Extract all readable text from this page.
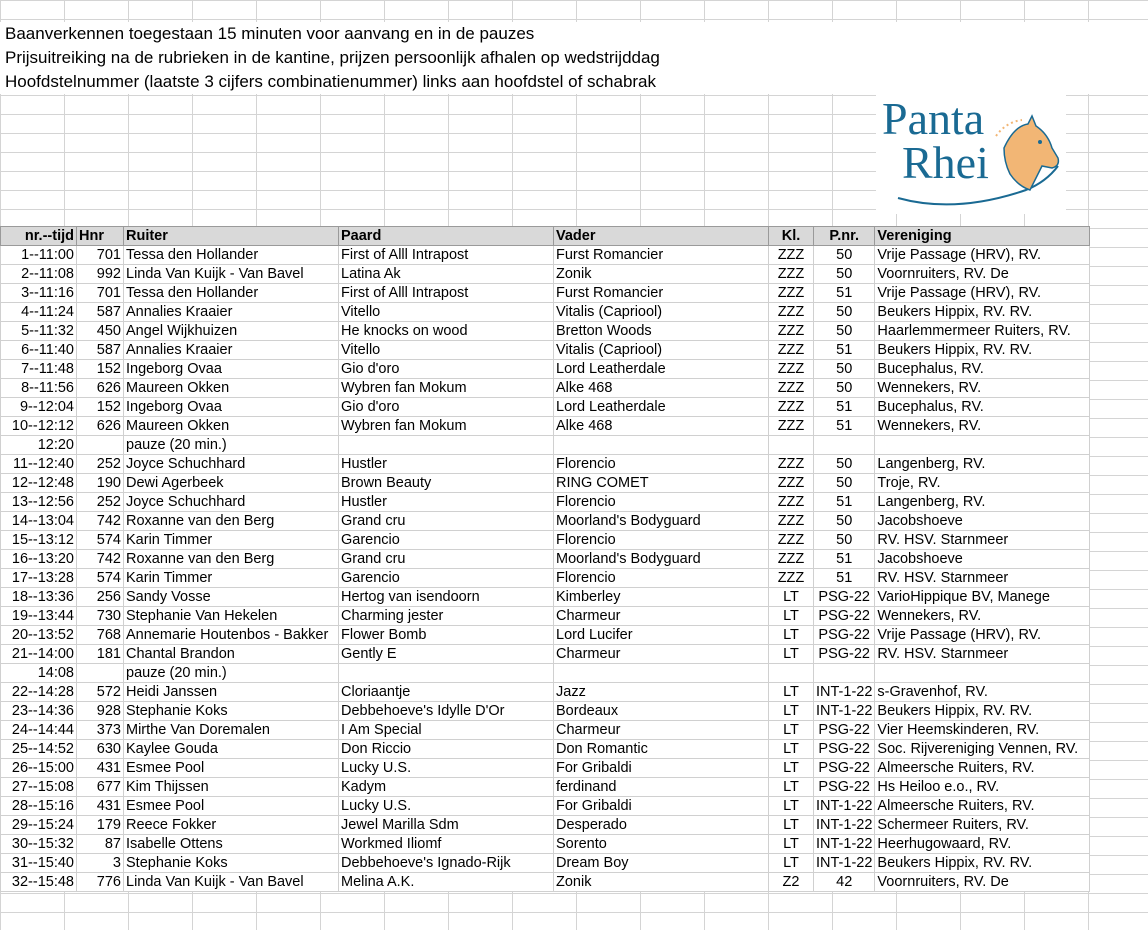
Baanverkennen toegestaan 15 minuten voor aanvang en in de pauzes
Prijsuitreiking na de rubrieken in de kantine, prijzen persoonlijk afhalen op wedstrijddag
Hoofdstelnummer (laatste 3 cijfers combinatienummer) links aan hoofdstel of schabrak
Panta
Rhei
nr.--tijd	Hnr	Ruiter	Paard	Vader	Kl.	P.nr.	Vereniging
1--11:00	701	Tessa den Hollander	First of Alll Intrapost	Furst Romancier	ZZZ	50	Vrije Passage (HRV), RV.
2--11:08	992	Linda Van Kuijk - Van Bavel	Latina Ak	Zonik	ZZZ	50	Voornruiters, RV. De
3--11:16	701	Tessa den Hollander	First of Alll Intrapost	Furst Romancier	ZZZ	51	Vrije Passage (HRV), RV.
4--11:24	587	Annalies Kraaier	Vitello	Vitalis (Capriool)	ZZZ	50	Beukers Hippix, RV. RV.
5--11:32	450	Angel Wijkhuizen	He knocks on wood	Bretton Woods	ZZZ	50	Haarlemmermeer Ruiters, RV.
6--11:40	587	Annalies Kraaier	Vitello	Vitalis (Capriool)	ZZZ	51	Beukers Hippix, RV. RV.
7--11:48	152	Ingeborg Ovaa	Gio d'oro	Lord Leatherdale	ZZZ	50	Bucephalus, RV.
8--11:56	626	Maureen Okken	Wybren fan Mokum	Alke 468	ZZZ	50	Wennekers, RV.
9--12:04	152	Ingeborg Ovaa	Gio d'oro	Lord Leatherdale	ZZZ	51	Bucephalus, RV.
10--12:12	626	Maureen Okken	Wybren fan Mokum	Alke 468	ZZZ	51	Wennekers, RV.
12:20		pauze (20 min.)					
11--12:40	252	Joyce Schuchhard	Hustler	Florencio	ZZZ	50	Langenberg, RV.
12--12:48	190	Dewi Agerbeek	Brown Beauty	RING COMET	ZZZ	50	Troje, RV.
13--12:56	252	Joyce Schuchhard	Hustler	Florencio	ZZZ	51	Langenberg, RV.
14--13:04	742	Roxanne van den Berg	Grand cru	Moorland's Bodyguard	ZZZ	50	Jacobshoeve
15--13:12	574	Karin Timmer	Garencio	Florencio	ZZZ	50	RV. HSV. Starnmeer
16--13:20	742	Roxanne van den Berg	Grand cru	Moorland's Bodyguard	ZZZ	51	Jacobshoeve
17--13:28	574	Karin Timmer	Garencio	Florencio	ZZZ	51	RV. HSV. Starnmeer
18--13:36	256	Sandy Vosse	Hertog van isendoorn	Kimberley	LT	PSG-22	VarioHippique BV, Manege
19--13:44	730	Stephanie Van Hekelen	Charming jester	Charmeur	LT	PSG-22	Wennekers, RV.
20--13:52	768	Annemarie Houtenbos - Bakker	Flower Bomb	Lord Lucifer	LT	PSG-22	Vrije Passage (HRV), RV.
21--14:00	181	Chantal Brandon	Gently E	Charmeur	LT	PSG-22	RV. HSV. Starnmeer
14:08		pauze (20 min.)					
22--14:28	572	Heidi Janssen	Cloriaantje	Jazz	LT	INT-1-22	s-Gravenhof, RV.
23--14:36	928	Stephanie Koks	Debbehoeve's Idylle D'Or	Bordeaux	LT	INT-1-22	Beukers Hippix, RV. RV.
24--14:44	373	Mirthe Van Doremalen	I Am Special	Charmeur	LT	PSG-22	Vier Heemskinderen, RV.
25--14:52	630	Kaylee Gouda	Don Riccio	Don Romantic	LT	PSG-22	Soc. Rijvereniging Vennen, RV.
26--15:00	431	Esmee Pool	Lucky U.S.	For Gribaldi	LT	PSG-22	Almeersche Ruiters, RV.
27--15:08	677	Kim Thijssen	Kadym	ferdinand	LT	PSG-22	Hs Heiloo e.o., RV.
28--15:16	431	Esmee Pool	Lucky U.S.	For Gribaldi	LT	INT-1-22	Almeersche Ruiters, RV.
29--15:24	179	Reece Fokker	Jewel Marilla Sdm	Desperado	LT	INT-1-22	Schermeer Ruiters, RV.
30--15:32	87	Isabelle Ottens	Workmed Iliomf	Sorento	LT	INT-1-22	Heerhugowaard, RV.
31--15:40	3	Stephanie Koks	Debbehoeve's Ignado-Rijk	Dream Boy	LT	INT-1-22	Beukers Hippix, RV. RV.
32--15:48	776	Linda Van Kuijk - Van Bavel	Melina A.K.	Zonik	Z2	42	Voornruiters, RV. De
